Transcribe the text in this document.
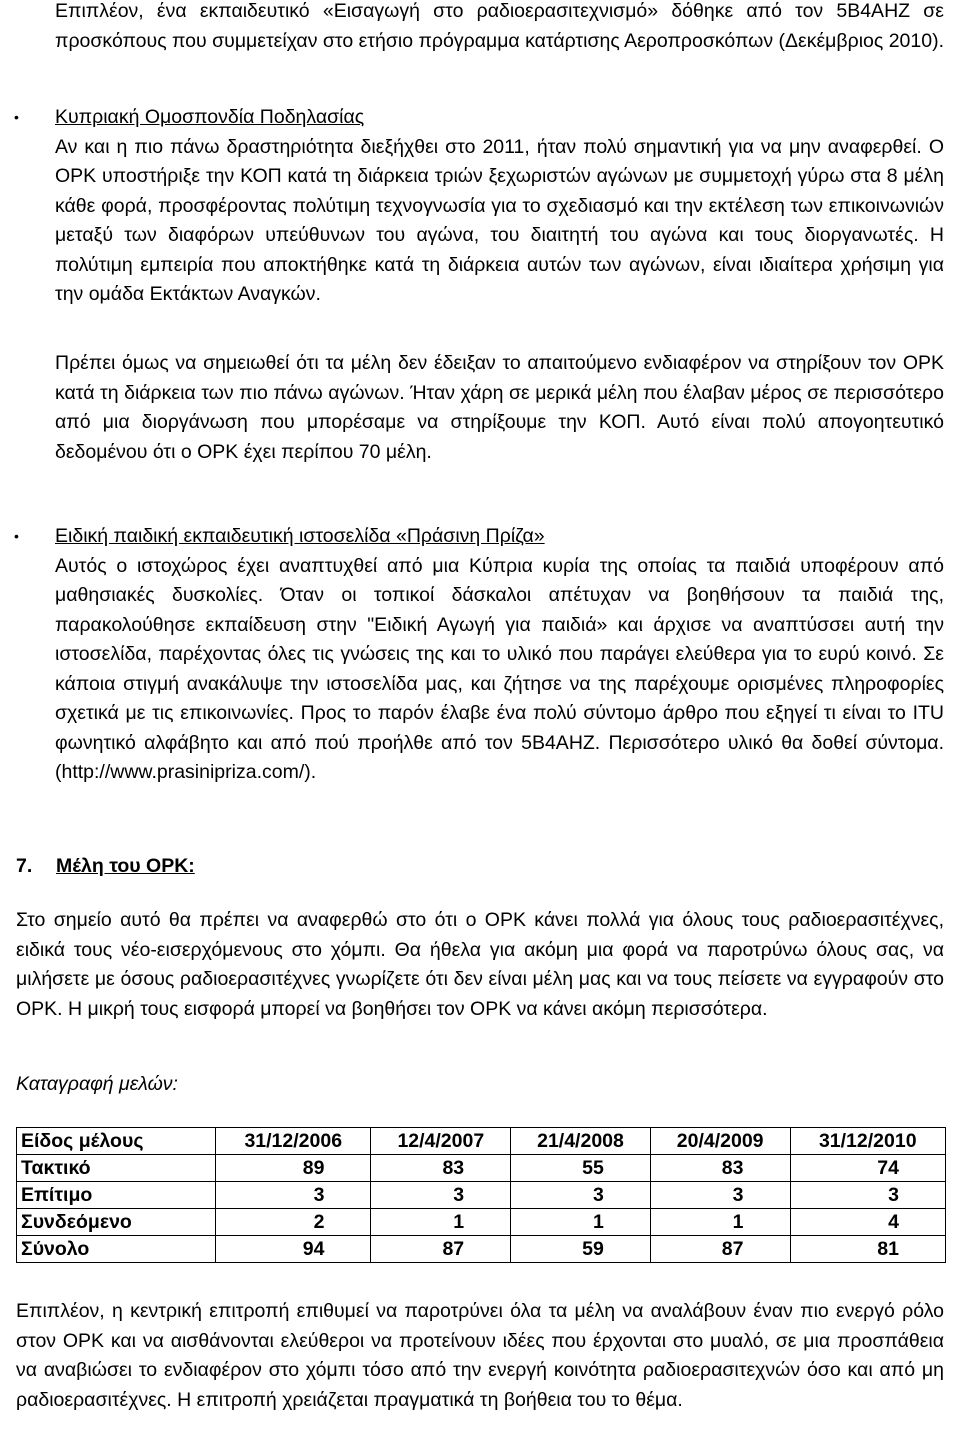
Επιπλέον, ένα εκπαιδευτικό «Εισαγωγή στο ραδιοερασιτεχνισμό» δόθηκε από τον 5B4AHZ σε προσκόπους που συμμετείχαν στο ετήσιο πρόγραμμα κατάρτισης Αεροπροσκόπων (Δεκέμβριος 2010).

• Κυπριακή Ομοσπονδία Ποδηλασίας
Αν και η πιο πάνω δραστηριότητα διεξήχθει στο 2011, ήταν πολύ σημαντική για να μην αναφερθεί. Ο ΟΡΚ υποστήριξε την ΚΟΠ κατά τη διάρκεια τριών ξεχωριστών αγώνων με συμμετοχή γύρω στα 8 μέλη κάθε φορά, προσφέροντας πολύτιμη τεχνογνωσία για το σχεδιασμό και την εκτέλεση των επικοινωνιών μεταξύ των διαφόρων υπεύθυνων του αγώνα, του διαιτητή του αγώνα και τους διοργανωτές. Η πολύτιμη εμπειρία που αποκτήθηκε κατά τη διάρκεια αυτών των αγώνων, είναι ιδιαίτερα χρήσιμη για την ομάδα Εκτάκτων Αναγκών.

Πρέπει όμως να σημειωθεί ότι τα μέλη δεν έδειξαν το απαιτούμενο ενδιαφέρον να στηρίξουν τον ΟΡΚ κατά τη διάρκεια των πιο πάνω αγώνων. Ήταν χάρη σε μερικά μέλη που έλαβαν μέρος σε περισσότερο από μια διοργάνωση που μπορέσαμε να στηρίξουμε την ΚΟΠ. Αυτό είναι πολύ απογοητευτικό δεδομένου ότι ο ΟΡΚ έχει περίπου 70 μέλη.

• Ειδική παιδική εκπαιδευτική ιστοσελίδα «Πράσινη Πρίζα»
Αυτός ο ιστοχώρος έχει αναπτυχθεί από μια Κύπρια κυρία της οποίας τα παιδιά υποφέρουν από μαθησιακές δυσκολίες. Όταν οι τοπικοί δάσκαλοι απέτυχαν να βοηθήσουν τα παιδιά της, παρακολούθησε εκπαίδευση στην "Ειδική Αγωγή για παιδιά» και άρχισε να αναπτύσσει αυτή την ιστοσελίδα, παρέχοντας όλες τις γνώσεις της και το υλικό που παράγει ελεύθερα για το ευρύ κοινό. Σε κάποια στιγμή ανακάλυψε την ιστοσελίδα μας, και ζήτησε να της παρέχουμε ορισμένες πληροφορίες σχετικά με τις επικοινωνίες. Προς το παρόν έλαβε ένα πολύ σύντομο άρθρο που εξηγεί τι είναι το ITU φωνητικό αλφάβητο και από πού προήλθε από τον 5B4AHZ. Περισσότερο υλικό θα δοθεί σύντομα. (http://www.prasinipriza.com/).
7. Μέλη του ΟΡΚ:

Στο σημείο αυτό θα πρέπει να αναφερθώ στο ότι ο ΟΡΚ κάνει πολλά για όλους τους ραδιοερασιτέχνες, ειδικά τους νέο-εισερχόμενους στο χόμπι. Θα ήθελα για ακόμη μια φορά να παροτρύνω όλους σας, να μιλήσετε με όσους ραδιοερασιτέχνες γνωρίζετε ότι δεν είναι μέλη μας και να τους πείσετε να εγγραφούν στο ΟΡΚ. Η μικρή τους εισφορά μπορεί να βοηθήσει τον ΟΡΚ να κάνει ακόμη περισσότερα.

Καταγραφή μελών:
Είδος μέλους	31/12/2006	12/4/2007	21/4/2008	20/4/2009	31/12/2010
Τακτικό	89	83	55	83	74
Επίτιμο	3	3	3	3	3
Συνδεόμενο	2	1	1	1	4
Σύνολο	94	87	59	87	81

Επιπλέον, η κεντρική επιτροπή επιθυμεί να παροτρύνει όλα τα μέλη να αναλάβουν έναν πιο ενεργό ρόλο στον ΟΡΚ και να αισθάνονται ελεύθεροι να προτείνουν ιδέες που έρχονται στο μυαλό, σε μια προσπάθεια να αναβιώσει το ενδιαφέρον στο χόμπι τόσο από την ενεργή κοινότητα ραδιοερασιτεχνών όσο και από μη ραδιοερασιτέχνες. Η επιτροπή χρειάζεται πραγματικά τη βοήθεια του το θέμα.
